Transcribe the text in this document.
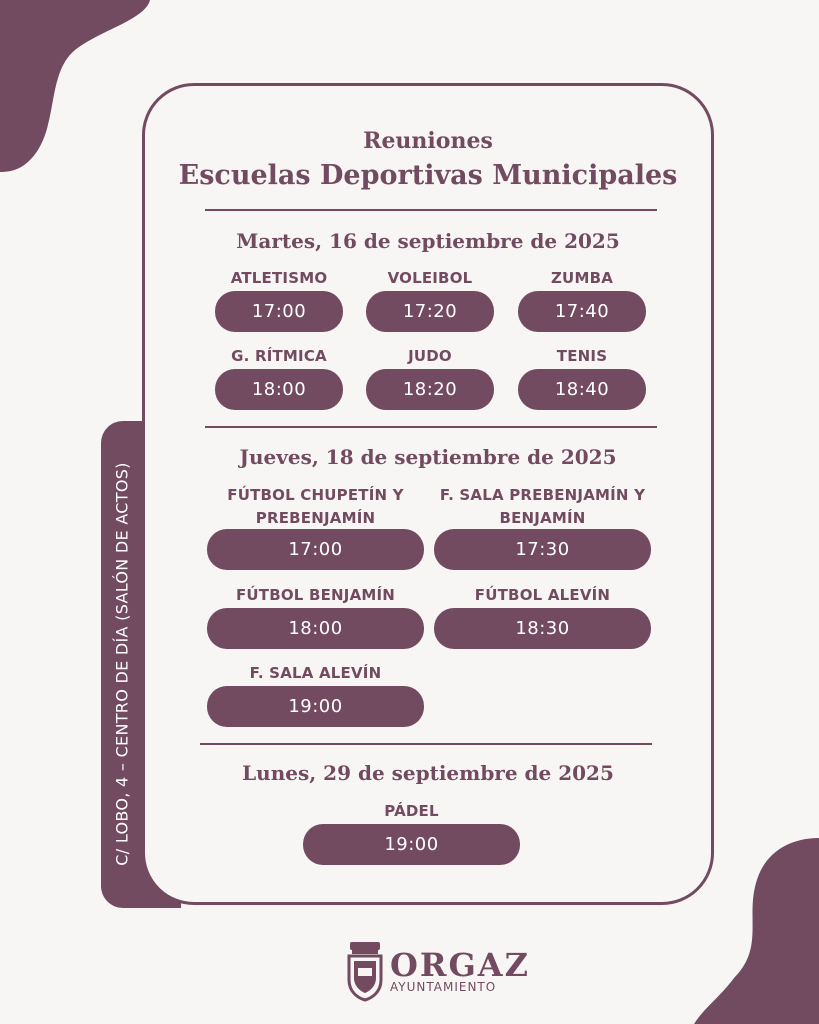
C/ LOBO, 4 – CENTRO DE DÍA (SALÓN DE ACTOS)
Reuniones
Escuelas Deportivas Municipales
Martes, 16 de septiembre de 2025
ATLETISMO
17:00
VOLEIBOL
17:20
ZUMBA
17:40
G. RÍTMICA
18:00
JUDO
18:20
TENIS
18:40
Jueves, 18 de septiembre de 2025
FÚTBOL CHUPETÍN Y
PREBENJAMÍN
17:00
F. SALA PREBENJAMÍN Y
BENJAMÍN
17:30
FÚTBOL BENJAMÍN
18:00
FÚTBOL ALEVÍN
18:30
F. SALA ALEVÍN
19:00
Lunes, 29 de septiembre de 2025
PÁDEL
19:00
ORGAZ
AYUNTAMIENTO
